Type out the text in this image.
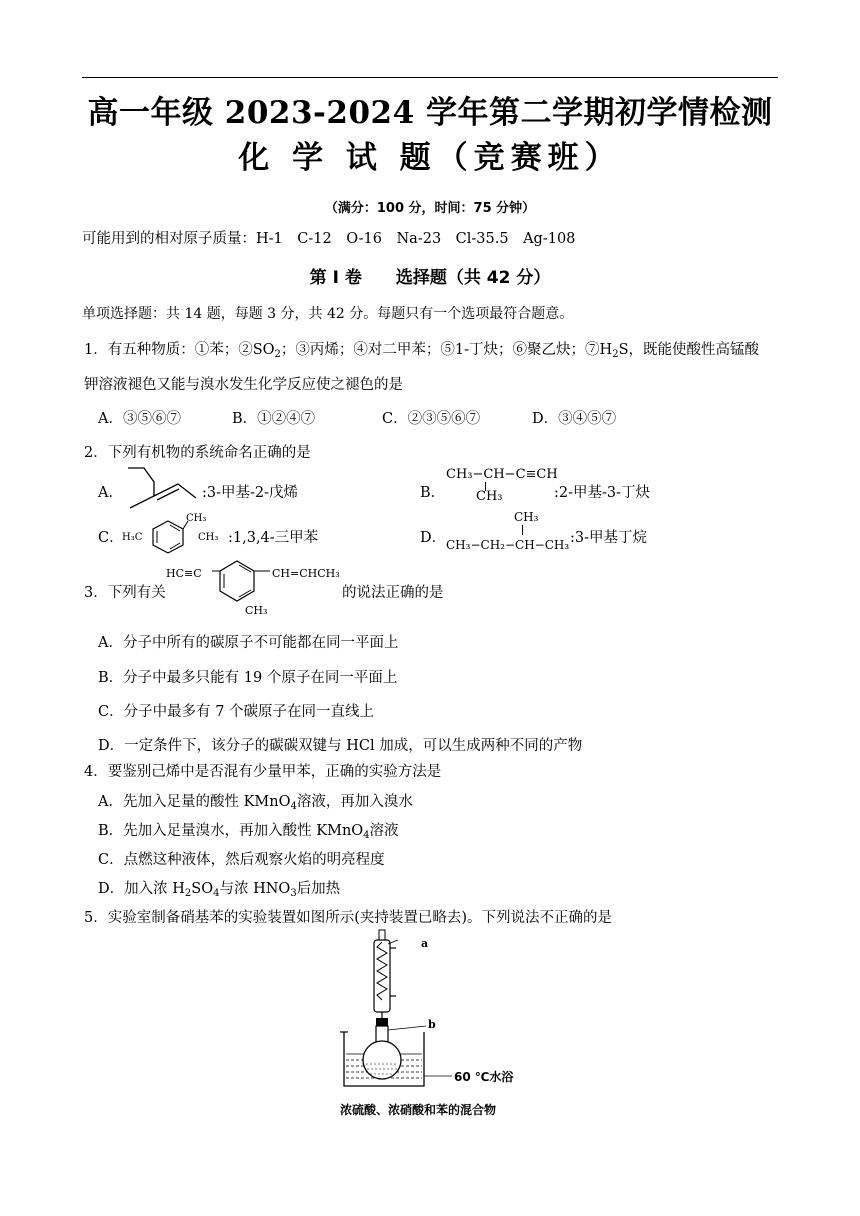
高一年级 2023-2024 学年第二学期初学情检测
化 学 试 题（竞赛班）
（满分：100 分，时间：75 分钟）
可能用到的相对原子质量：H-1　C-12　O-16　Na-23　Cl-35.5　Ag-108
第 Ⅰ 卷　　选择题（共 42 分）
单项选择题：共 14 题，每题 3 分，共 42 分。每题只有一个选项最符合题意。
1．有五种物质：①苯；$②SO_2$；③丙烯；④对二甲苯；⑤1-丁炔；⑥聚乙炔；$⑦H_2S$，既能使酸性高锰酸
钾溶液褪色又能与溴水发生化学反应使之褪色的是
A．③⑤⑥⑦	B．①②④⑦	C．②③⑤⑥⑦	D．③④⑤⑦
2．下列有机物的系统命名正确的是
A．	:3-甲基-2-戊烯	B．
CH₃−CH−C≡CH
CH₃	:2-甲基-3-丁炔
C．
H₃C
CH₃
CH₃ :1,3,4-三甲苯	D．
CH₃
CH₃−CH₂−CH−CH₃ :3-甲基丁烷
3．下列有关
HC≡C	CH=CHCH₃
CH₃
的说法正确的是
A．分子中所有的碳原子不可能都在同一平面上
B．分子中最多只能有 19 个原子在同一平面上
C．分子中最多有 7 个碳原子在同一直线上
D．一定条件下，该分子的碳碳双键与 HCl 加成，可以生成两种不同的产物
4．要鉴别己烯中是否混有少量甲苯，正确的实验方法是
A．先加入足量的酸性 KMnO$_4$溶液，再加入溴水
B．先加入足量溴水，再加入酸性 KMnO$_4$溶液
C．点燃这种液体，然后观察火焰的明亮程度
D．加入浓 $H_2SO_4$与浓 $HNO_3$后加热
5．实验室制备硝基苯的实验装置如图所示(夹持装置已略去)。下列说法不正确的是
a
b
60 ℃水浴
浓硫酸、浓硝酸和苯的混合物
